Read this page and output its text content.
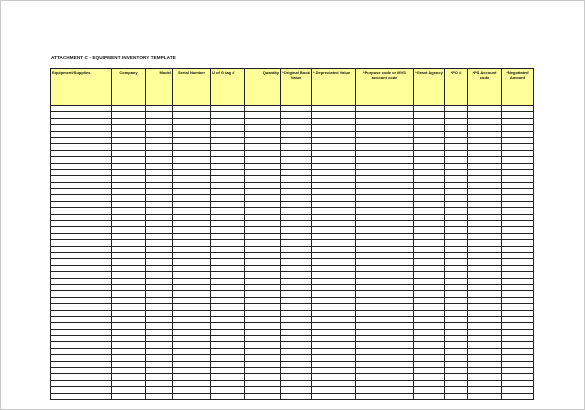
ATTACHMENT C - EQUIPMENT INVENTORY TEMPLATE
Equipment/Supplies	Company	Model	Serial Number	U of G tag #	Quantity	*Original Book Value	* Depreciated Value	*Purpose code or MVS account code	*Grant Agency	*PO #	*PS Account code	*Negotiated Amount
